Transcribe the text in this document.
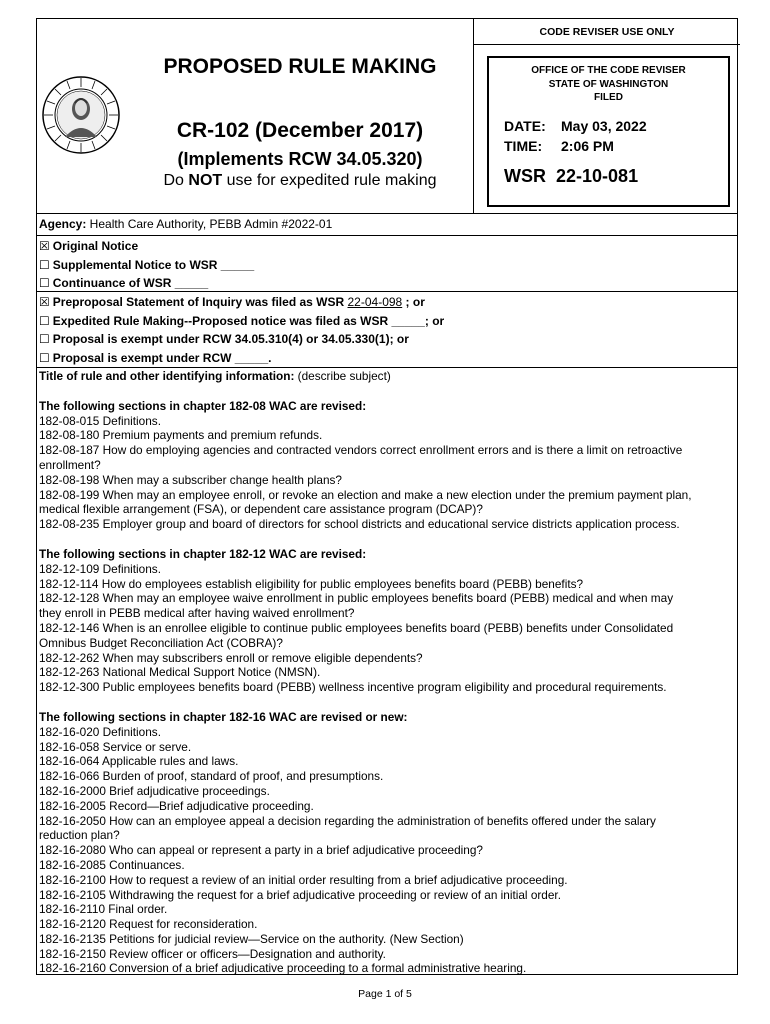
PROPOSED RULE MAKING
CR-102 (December 2017)
(Implements RCW 34.05.320)
Do NOT use for expedited rule making
CODE REVISER USE ONLY
OFFICE OF THE CODE REVISER
STATE OF WASHINGTON
FILED
DATE: May 03, 2022
TIME: 2:06 PM
WSR 22-10-081
Agency: Health Care Authority, PEBB Admin #2022-01
☒ Original Notice
☐ Supplemental Notice to WSR _____
☐ Continuance of WSR _____
☒ Preproposal Statement of Inquiry was filed as WSR 22-04-098 ; or
☐ Expedited Rule Making--Proposed notice was filed as WSR _____; or
☐ Proposal is exempt under RCW 34.05.310(4) or 34.05.330(1); or
☐ Proposal is exempt under RCW _____.
Title of rule and other identifying information: (describe subject)
The following sections in chapter 182-08 WAC are revised:
182-08-015 Definitions.
182-08-180 Premium payments and premium refunds.
182-08-187 How do employing agencies and contracted vendors correct enrollment errors and is there a limit on retroactive
enrollment?
182-08-198 When may a subscriber change health plans?
182-08-199 When may an employee enroll, or revoke an election and make a new election under the premium payment plan,
medical flexible arrangement (FSA), or dependent care assistance program (DCAP)?
182-08-235 Employer group and board of directors for school districts and educational service districts application process.
The following sections in chapter 182-12 WAC are revised:
182-12-109 Definitions.
182-12-114 How do employees establish eligibility for public employees benefits board (PEBB) benefits?
182-12-128 When may an employee waive enrollment in public employees benefits board (PEBB) medical and when may
they enroll in PEBB medical after having waived enrollment?
182-12-146 When is an enrollee eligible to continue public employees benefits board (PEBB) benefits under Consolidated
Omnibus Budget Reconciliation Act (COBRA)?
182-12-262 When may subscribers enroll or remove eligible dependents?
182-12-263 National Medical Support Notice (NMSN).
182-12-300 Public employees benefits board (PEBB) wellness incentive program eligibility and procedural requirements.
The following sections in chapter 182-16 WAC are revised or new:
182-16-020 Definitions.
182-16-058 Service or serve.
182-16-064 Applicable rules and laws.
182-16-066 Burden of proof, standard of proof, and presumptions.
182-16-2000 Brief adjudicative proceedings.
182-16-2005 Record—Brief adjudicative proceeding.
182-16-2050 How can an employee appeal a decision regarding the administration of benefits offered under the salary
reduction plan?
182-16-2080 Who can appeal or represent a party in a brief adjudicative proceeding?
182-16-2085 Continuances.
182-16-2100 How to request a review of an initial order resulting from a brief adjudicative proceeding.
182-16-2105 Withdrawing the request for a brief adjudicative proceeding or review of an initial order.
182-16-2110 Final order.
182-16-2120 Request for reconsideration.
182-16-2135 Petitions for judicial review—Service on the authority. (New Section)
182-16-2150 Review officer or officers—Designation and authority.
182-16-2160 Conversion of a brief adjudicative proceeding to a formal administrative hearing.
Page 1 of 5
